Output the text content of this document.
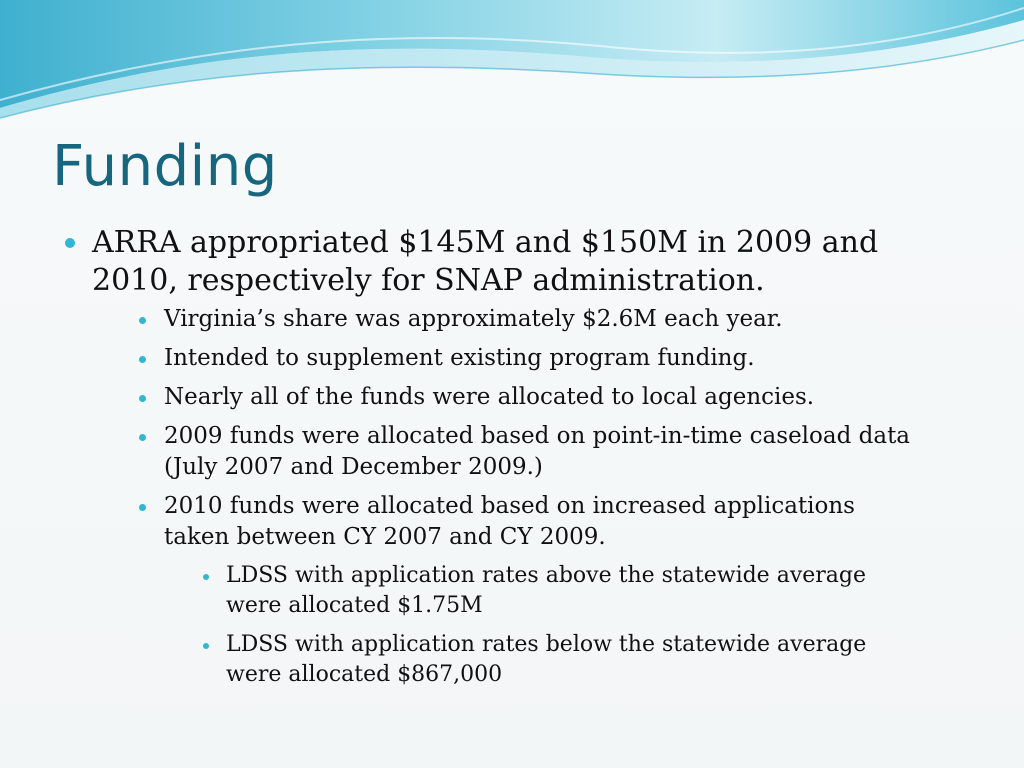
Funding
ARRA appropriated $145M and $150M in 2009 and 2010, respectively for SNAP administration.
Virginia’s share was approximately $2.6M each year.
Intended to supplement existing program funding.
Nearly all of the funds were allocated to local agencies.
2009 funds were allocated based on point-in-time caseload data (July 2007 and December 2009.)
2010 funds were allocated based on increased applications taken between CY 2007 and CY 2009.
LDSS with application rates above the statewide average were allocated $1.75M
LDSS with application rates below the statewide average were allocated $867,000
